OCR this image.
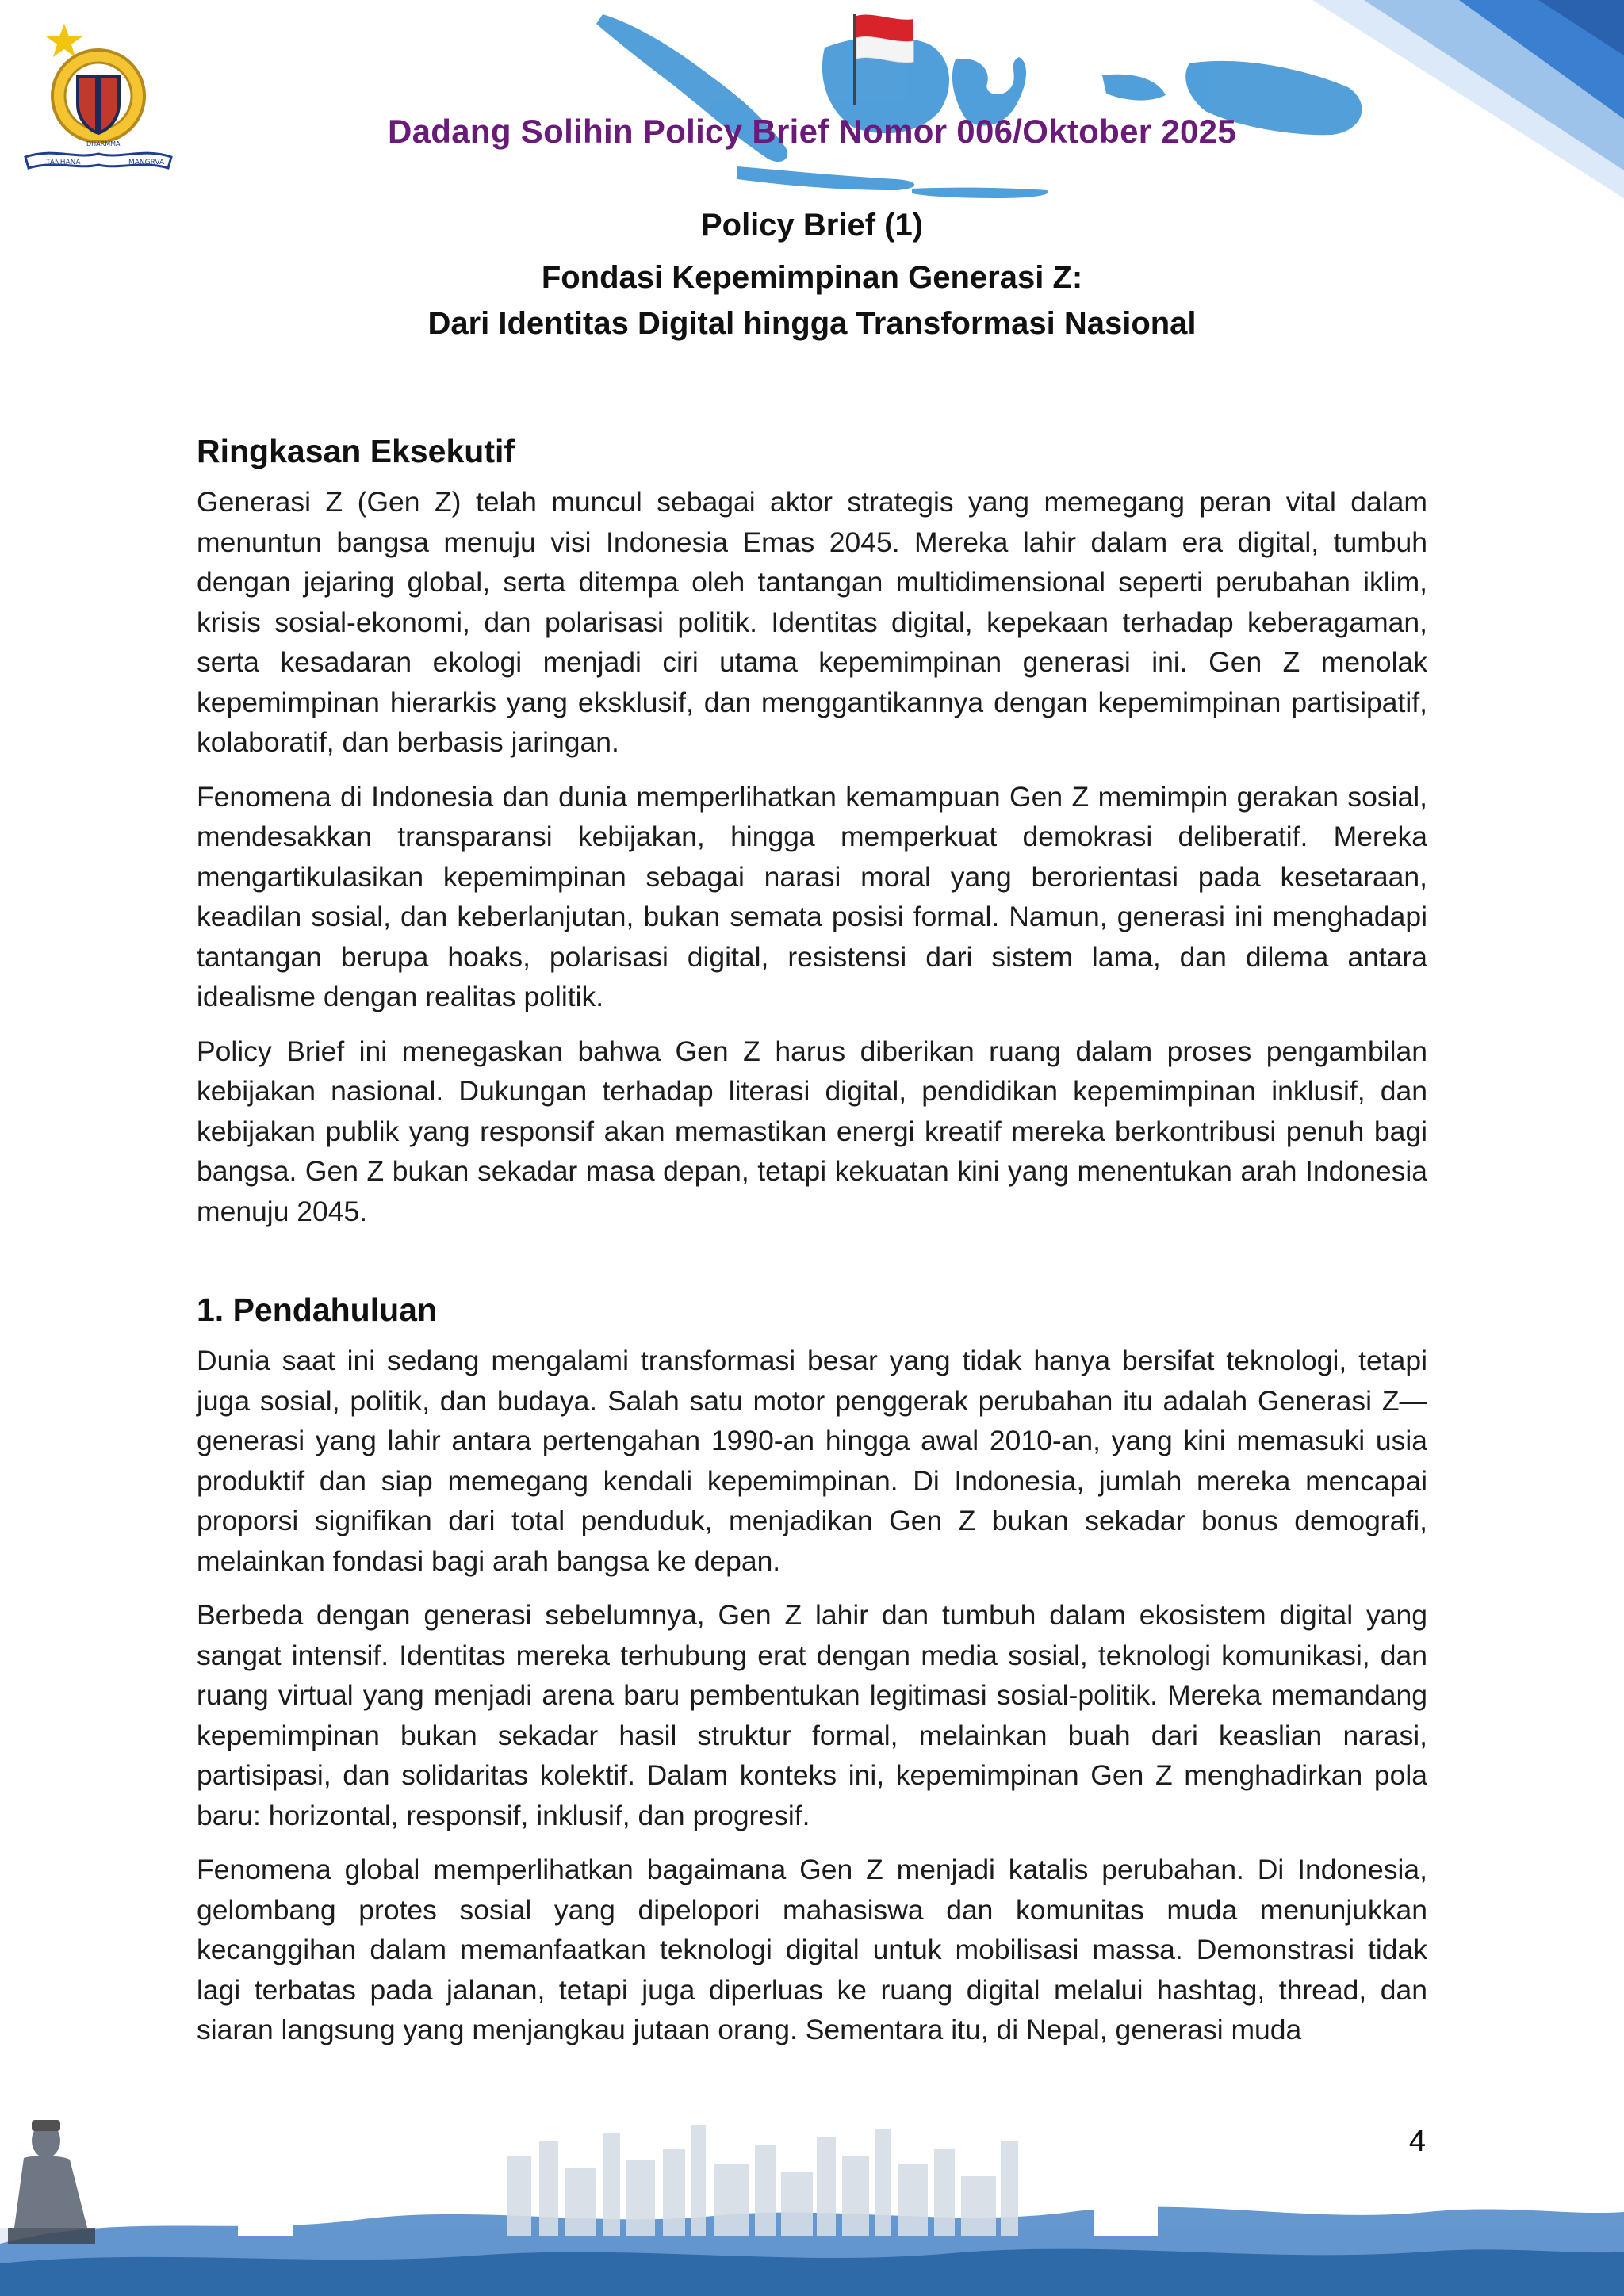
TANHANA
DHARMMA
MANGRVA
Dadang Solihin Policy Brief Nomor 006/Oktober 2025
Policy Brief (1)
Fondasi Kepemimpinan Generasi Z:
Dari Identitas Digital hingga Transformasi Nasional
Ringkasan Eksekutif

Generasi Z (Gen Z) telah muncul sebagai aktor strategis yang memegang peran vital dalam menuntun bangsa menuju visi Indonesia Emas 2045. Mereka lahir dalam era digital, tumbuh dengan jejaring global, serta ditempa oleh tantangan multidimensional seperti perubahan iklim, krisis sosial-ekonomi, dan polarisasi politik. Identitas digital, kepekaan terhadap keberagaman, serta kesadaran ekologi menjadi ciri utama kepemimpinan generasi ini. Gen Z menolak kepemimpinan hierarkis yang eksklusif, dan menggantikannya dengan kepemimpinan partisipatif, kolaboratif, dan berbasis jaringan.

Fenomena di Indonesia dan dunia memperlihatkan kemampuan Gen Z memimpin gerakan sosial, mendesakkan transparansi kebijakan, hingga memperkuat demokrasi deliberatif. Mereka mengartikulasikan kepemimpinan sebagai narasi moral yang berorientasi pada kesetaraan, keadilan sosial, dan keberlanjutan, bukan semata posisi formal. Namun, generasi ini menghadapi tantangan berupa hoaks, polarisasi digital, resistensi dari sistem lama, dan dilema antara idealisme dengan realitas politik.

Policy Brief ini menegaskan bahwa Gen Z harus diberikan ruang dalam proses pengambilan kebijakan nasional. Dukungan terhadap literasi digital, pendidikan kepemimpinan inklusif, dan kebijakan publik yang responsif akan memastikan energi kreatif mereka berkontribusi penuh bagi bangsa. Gen Z bukan sekadar masa depan, tetapi kekuatan kini yang menentukan arah Indonesia menuju 2045.

1. Pendahuluan

Dunia saat ini sedang mengalami transformasi besar yang tidak hanya bersifat teknologi, tetapi juga sosial, politik, dan budaya. Salah satu motor penggerak perubahan itu adalah Generasi Z—generasi yang lahir antara pertengahan 1990-an hingga awal 2010-an, yang kini memasuki usia produktif dan siap memegang kendali kepemimpinan. Di Indonesia, jumlah mereka mencapai proporsi signifikan dari total penduduk, menjadikan Gen Z bukan sekadar bonus demografi, melainkan fondasi bagi arah bangsa ke depan.

Berbeda dengan generasi sebelumnya, Gen Z lahir dan tumbuh dalam ekosistem digital yang sangat intensif. Identitas mereka terhubung erat dengan media sosial, teknologi komunikasi, dan ruang virtual yang menjadi arena baru pembentukan legitimasi sosial-politik. Mereka memandang kepemimpinan bukan sekadar hasil struktur formal, melainkan buah dari keaslian narasi, partisipasi, dan solidaritas kolektif. Dalam konteks ini, kepemimpinan Gen Z menghadirkan pola baru: horizontal, responsif, inklusif, dan progresif.

Fenomena global memperlihatkan bagaimana Gen Z menjadi katalis perubahan. Di Indonesia, gelombang protes sosial yang dipelopori mahasiswa dan komunitas muda menunjukkan kecanggihan dalam memanfaatkan teknologi digital untuk mobilisasi massa. Demonstrasi tidak lagi terbatas pada jalanan, tetapi juga diperluas ke ruang digital melalui hashtag, thread, dan siaran langsung yang menjangkau jutaan orang. Sementara itu, di Nepal, generasi muda

4
